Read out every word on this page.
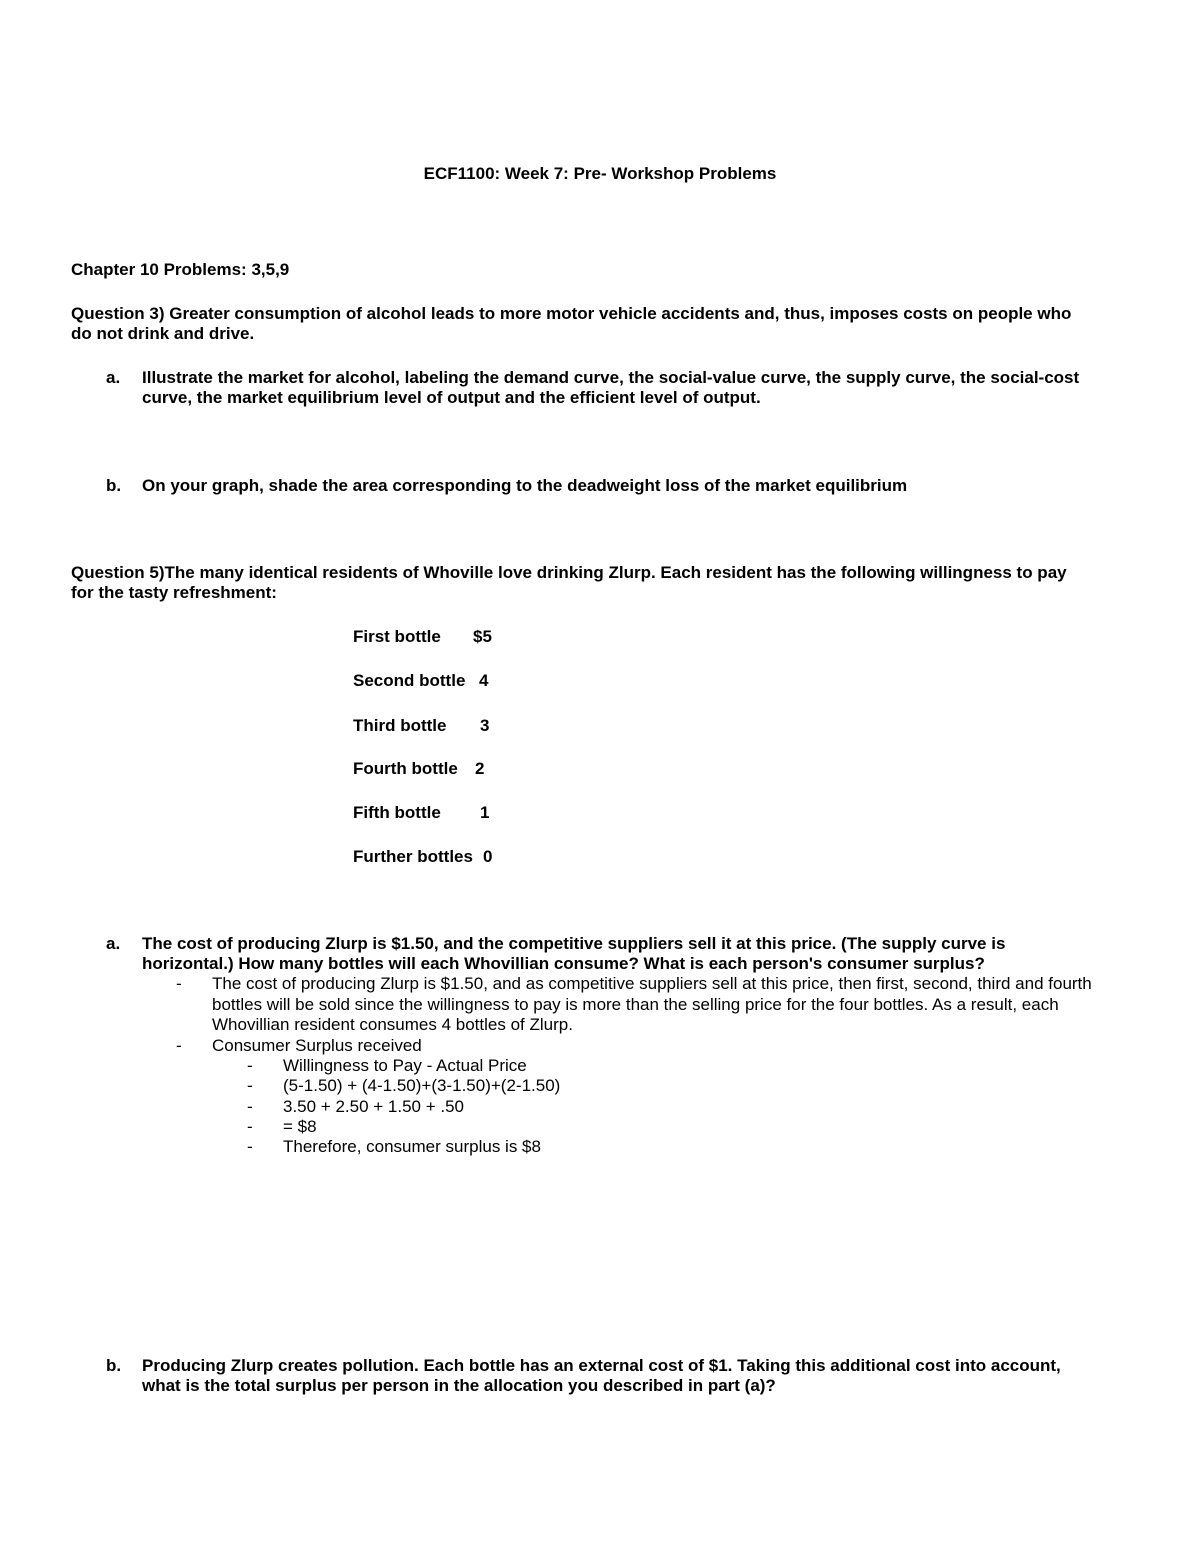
ECF1100: Week 7: Pre- Workshop Problems
Chapter 10 Problems: 3,5,9
Question 3) Greater consumption of alcohol leads to more motor vehicle accidents and, thus, imposes costs on people who
do not drink and drive.
a. Illustrate the market for alcohol, labeling the demand curve, the social-value curve, the supply curve, the social-cost
curve, the market equilibrium level of output and the efficient level of output.
b. On your graph, shade the area corresponding to the deadweight loss of the market equilibrium
Question 5)The many identical residents of Whoville love drinking Zlurp. Each resident has the following willingness to pay
for the tasty refreshment:
First bottle $5
Second bottle 4
Third bottle 3
Fourth bottle 2
Fifth bottle 1
Further bottles 0
a. The cost of producing Zlurp is $1.50, and the competitive suppliers sell it at this price. (The supply curve is
horizontal.) How many bottles will each Whovillian consume? What is each person's consumer surplus?
- The cost of producing Zlurp is $1.50, and as competitive suppliers sell at this price, then first, second, third and fourth
bottles will be sold since the willingness to pay is more than the selling price for the four bottles. As a result, each
Whovillian resident consumes 4 bottles of Zlurp.
- Consumer Surplus received
- Willingness to Pay - Actual Price
- (5-1.50) + (4-1.50)+(3-1.50)+(2-1.50)
- 3.50 + 2.50 + 1.50 + .50
- = $8
- Therefore, consumer surplus is $8
b. Producing Zlurp creates pollution. Each bottle has an external cost of $1. Taking this additional cost into account,
what is the total surplus per person in the allocation you described in part (a)?
